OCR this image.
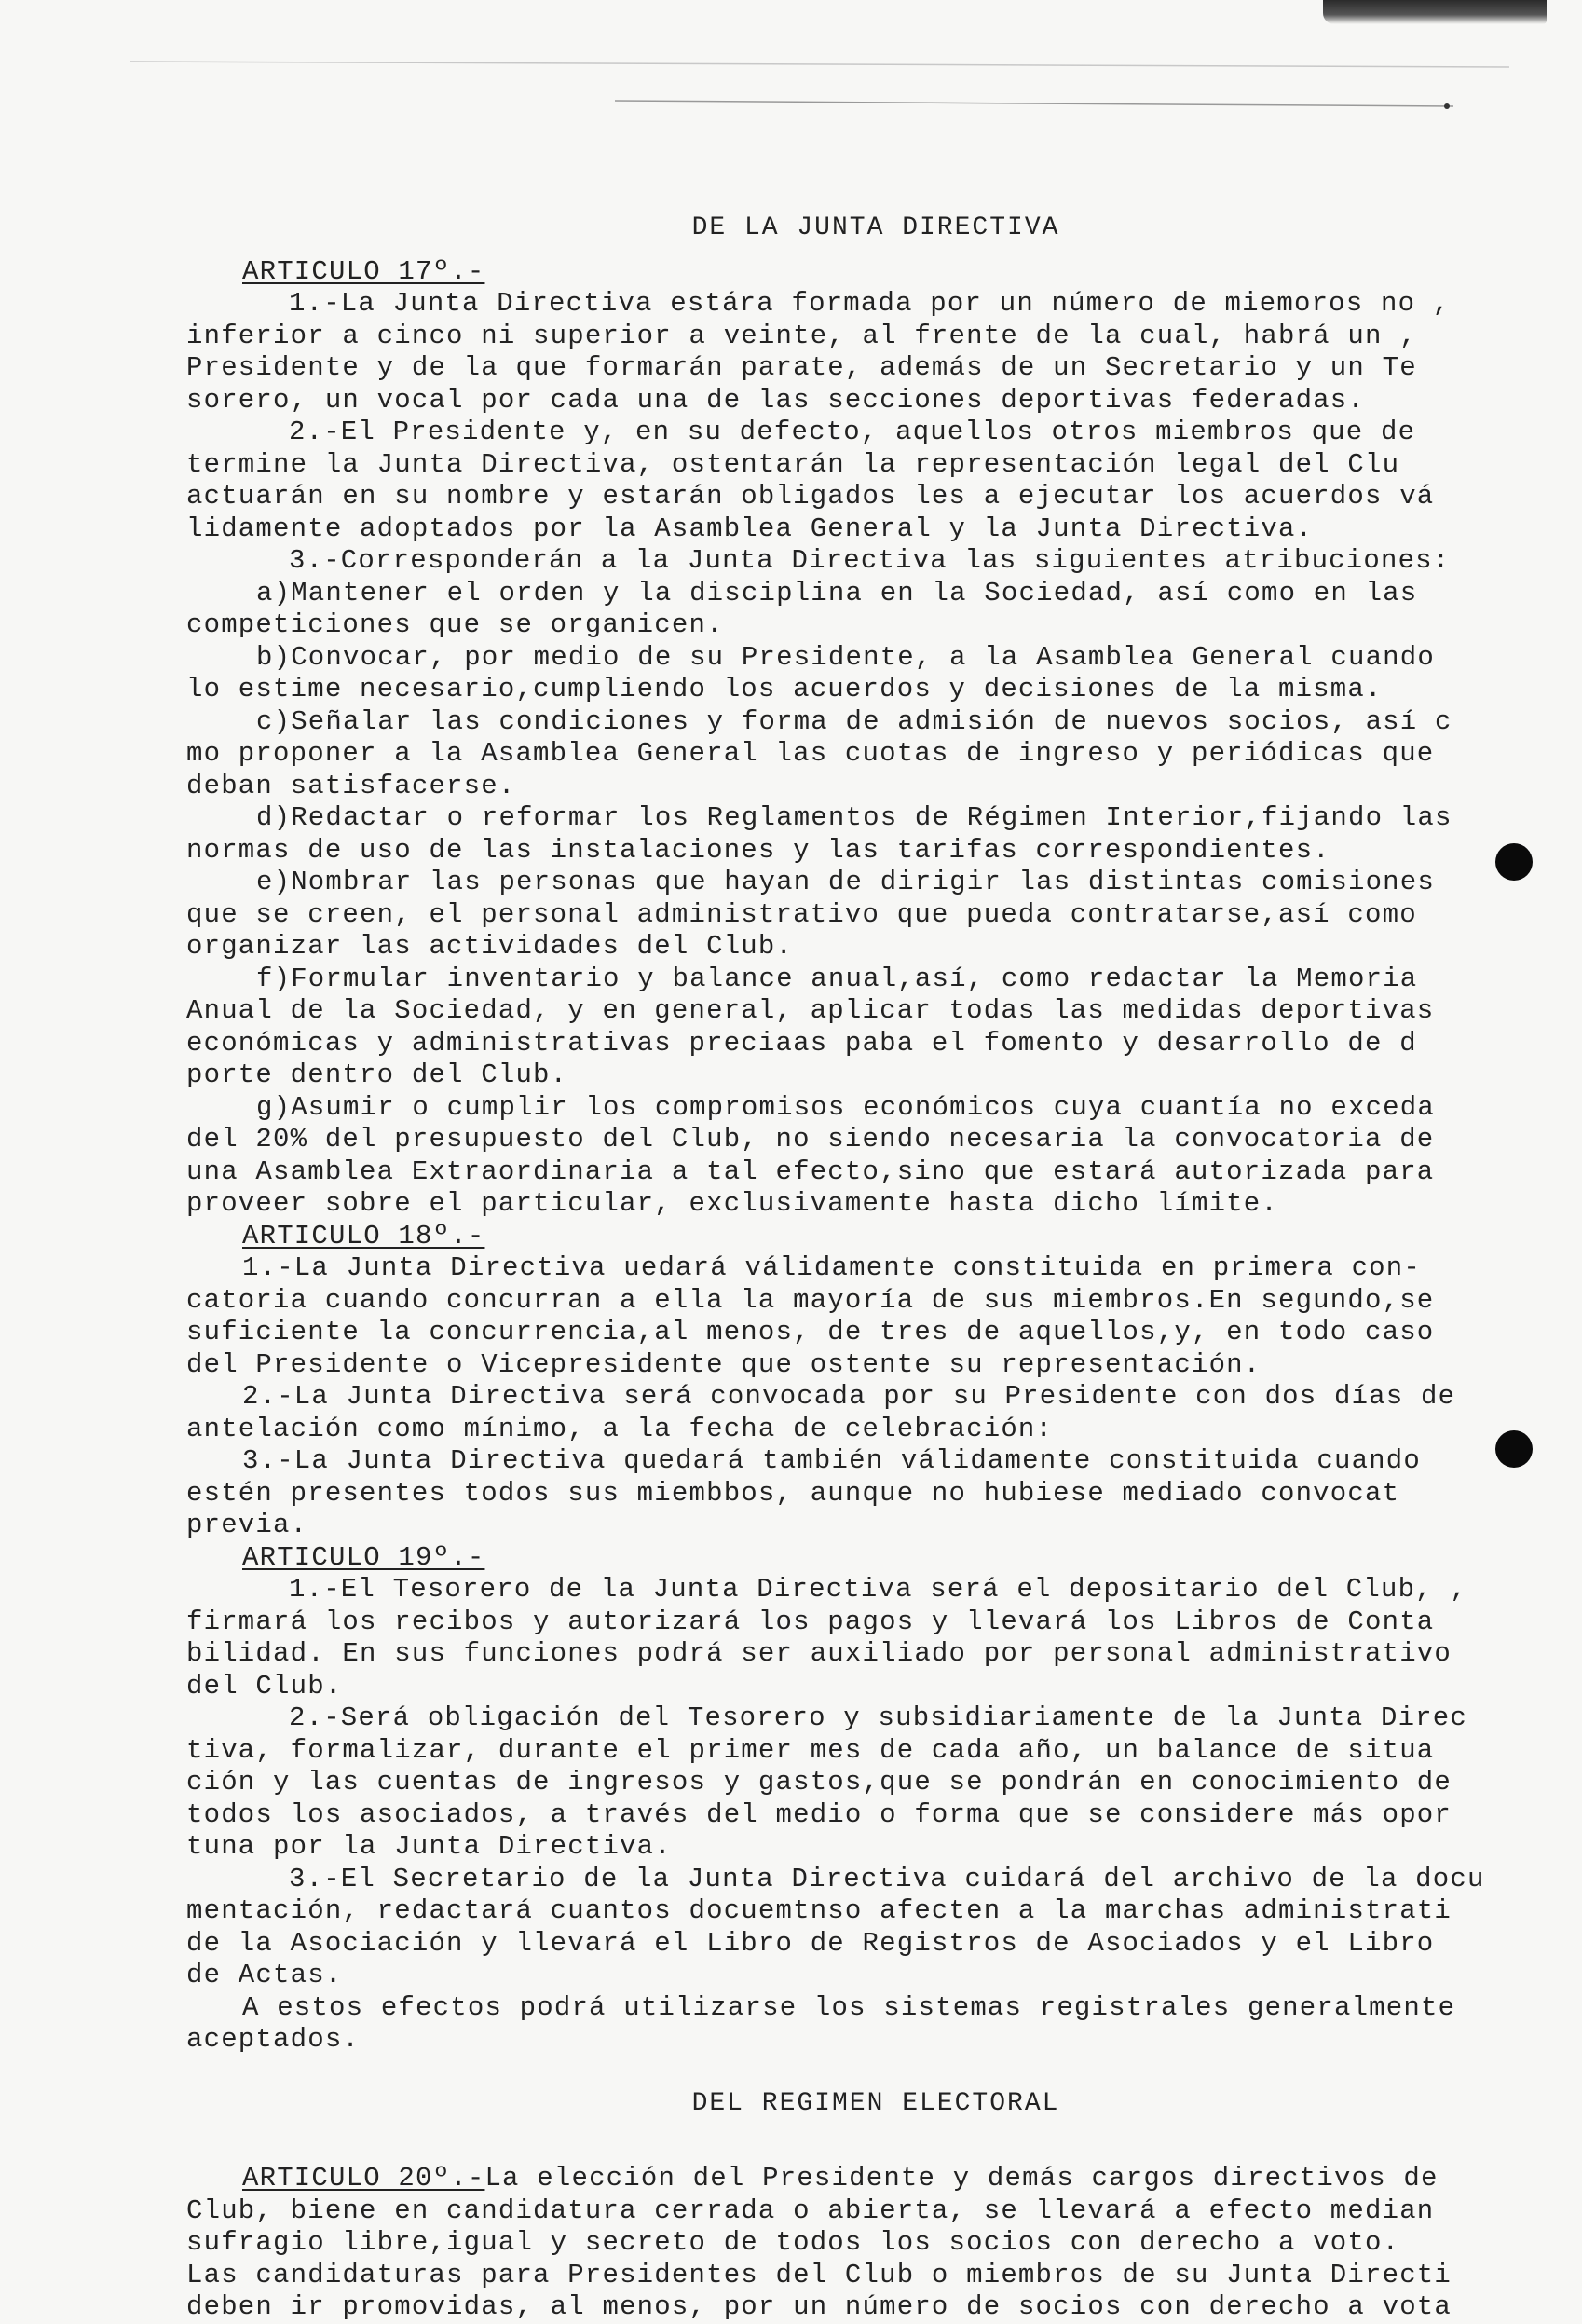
DE LA JUNTA DIRECTIVA
ARTICULO 17º.-
1.-La Junta Directiva estára formada por un número de miemoros no ,
inferior a cinco ni superior a veinte, al frente de la cual, habrá un ,
Presidente y de la que formarán parate, además de un Secretario y un Te
sorero, un vocal por cada una de las secciones deportivas federadas.
2.-El Presidente y, en su defecto, aquellos otros miembros que de
termine la Junta Directiva, ostentarán la representación legal del Clu
actuarán en su nombre y estarán obligados les a ejecutar los acuerdos vá
lidamente adoptados por la Asamblea General y la Junta Directiva.
3.-Corresponderán a la Junta Directiva las siguientes atribuciones:
a)Mantener el orden y la disciplina en la Sociedad, así como en las
competiciones que se organicen.
b)Convocar, por medio de su Presidente, a la Asamblea General cuando
lo estime necesario,cumpliendo los acuerdos y decisiones de la misma.
c)Señalar las condiciones y forma de admisión de nuevos socios, así c
mo proponer a la Asamblea General las cuotas de ingreso y periódicas que
deban satisfacerse.
d)Redactar o reformar los Reglamentos de Régimen Interior,fijando las
normas de uso de las instalaciones y las tarifas correspondientes.
e)Nombrar las personas que hayan de dirigir las distintas comisiones
que se creen, el personal administrativo que pueda contratarse,así como
organizar las actividades del Club.
f)Formular inventario y balance anual,así, como redactar la Memoria
Anual de la Sociedad, y en general, aplicar todas las medidas deportivas
económicas y administrativas preciaas paba el fomento y desarrollo de d
porte dentro del Club.
g)Asumir o cumplir los compromisos económicos cuya cuantía no exceda
del 20% del presupuesto del Club, no siendo necesaria la convocatoria de
una Asamblea Extraordinaria a tal efecto,sino que estará autorizada para
proveer sobre el particular, exclusivamente hasta dicho límite.
ARTICULO 18º.-
1.-La Junta Directiva uedará válidamente constituida en primera con-
catoria cuando concurran a ella la mayoría de sus miembros.En segundo,se
suficiente la concurrencia,al menos, de tres de aquellos,y, en todo caso
del Presidente o Vicepresidente que ostente su representación.
2.-La Junta Directiva será convocada por su Presidente con dos días de
antelación como mínimo, a la fecha de celebración:
3.-La Junta Directiva quedará también válidamente constituida cuando
estén presentes todos sus miembbos, aunque no hubiese mediado convocat
previa.
ARTICULO 19º.-
1.-El Tesorero de la Junta Directiva será el depositario del Club, ,
firmará los recibos y autorizará los pagos y llevará los Libros de Conta
bilidad. En sus funciones podrá ser auxiliado por personal administrativo
del Club.
2.-Será obligación del Tesorero y subsidiariamente de la Junta Direc
tiva, formalizar, durante el primer mes de cada año, un balance de situa
ción y las cuentas de ingresos y gastos,que se pondrán en conocimiento de
todos los asociados, a través del medio o forma que se considere más opor
tuna por la Junta Directiva.
3.-El Secretario de la Junta Directiva cuidará del archivo de la docu
mentación, redactará cuantos docuemtnso afecten a la marchas administrati
de la Asociación y llevará el Libro de Registros de Asociados y el Libro
de Actas.
A estos efectos podrá utilizarse los sistemas registrales generalmente
aceptados.
DEL REGIMEN ELECTORAL
ARTICULO 20º.-La elección del Presidente y demás cargos directivos de
Club, biene en candidatura cerrada o abierta, se llevará a efecto median
sufragio libre,igual y secreto de todos los socios con derecho a voto.
Las candidaturas para Presidentes del Club o miembros de su Junta Directi
deben ir promovidas, al menos, por un número de socios con derecho a vota
